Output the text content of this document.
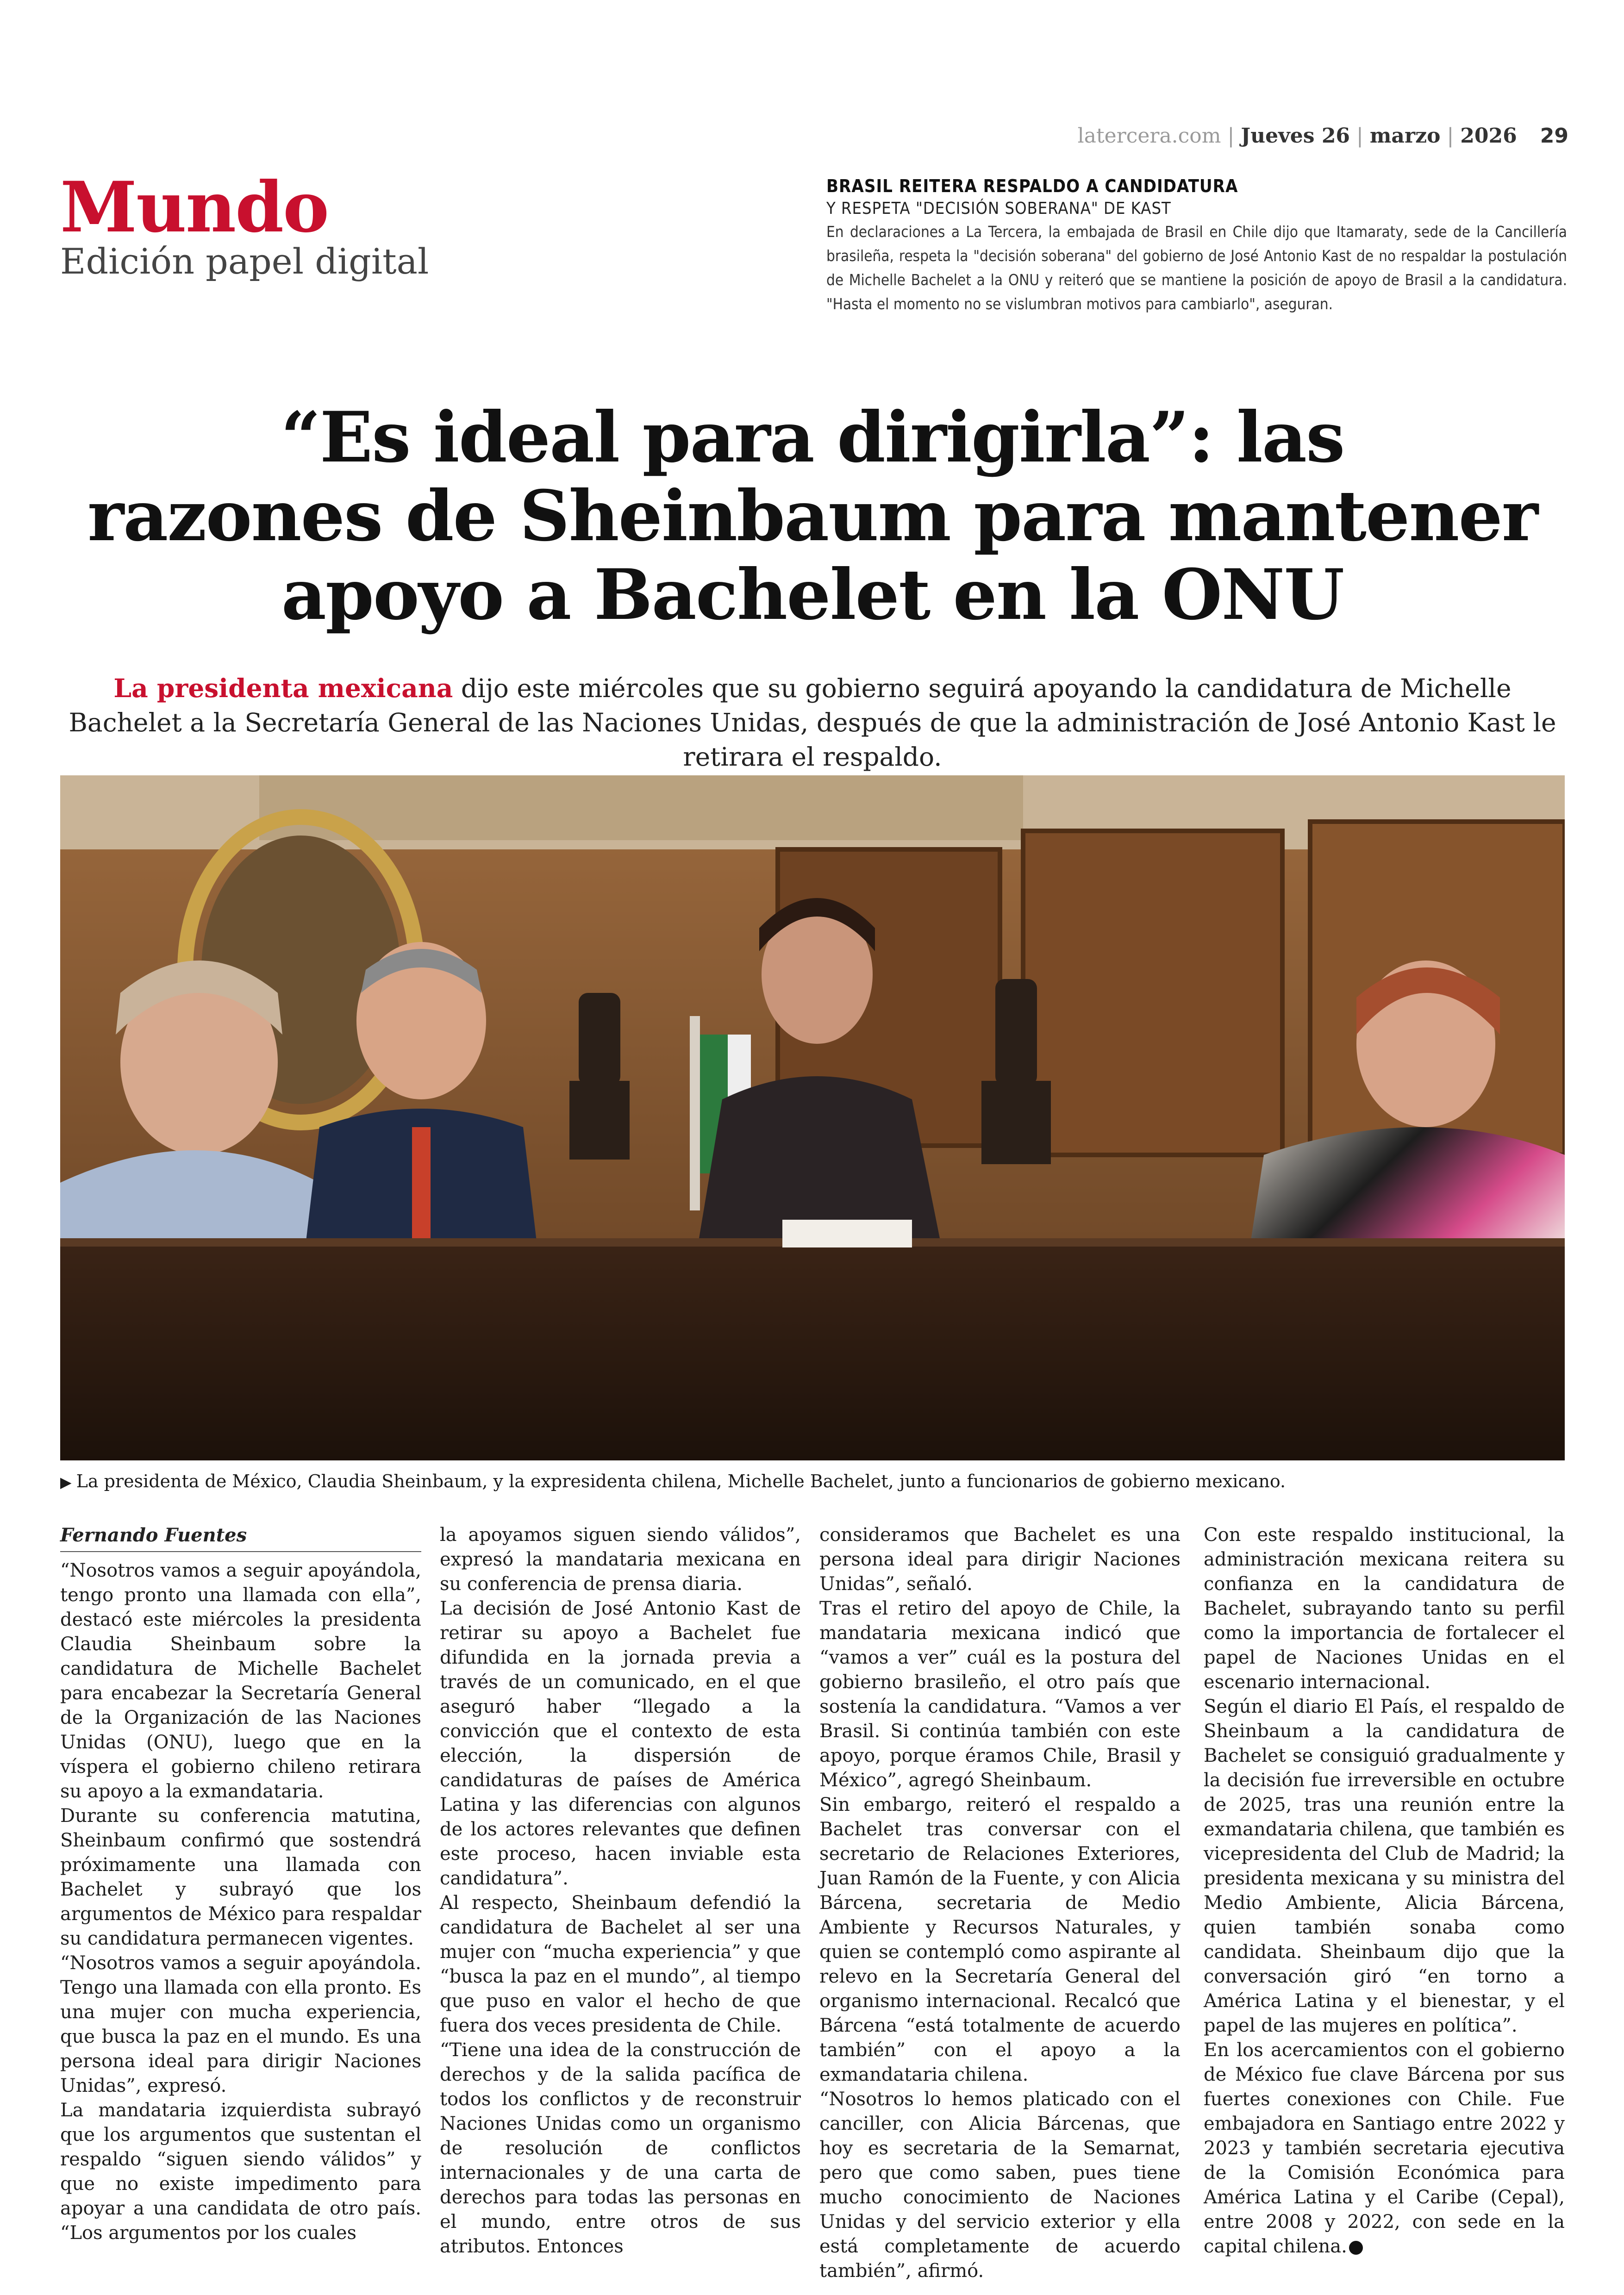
latercera.com | Jueves 26 | marzo | 2026 29
Mundo
Edición papel digital
BRASIL REITERA RESPALDO A CANDIDATURA
Y RESPETA "DECISIÓN SOBERANA" DE KAST
En declaraciones a La Tercera, la embajada de Brasil en Chile dijo que Itamaraty, sede de la Cancillería brasileña, respeta la "decisión soberana" del gobierno de José Antonio Kast de no respaldar la postulación de Michelle Bachelet a la ONU y reiteró que se mantiene la posición de apoyo de Brasil a la candidatura. "Hasta el momento no se vislumbran motivos para cambiarlo", aseguran.
“Es ideal para dirigirla”: las
razones de Sheinbaum para mantener
apoyo a Bachelet en la ONU
La presidenta mexicana dijo este miércoles que su gobierno seguirá apoyando la candidatura de Michelle Bachelet a la Secretaría General de las Naciones Unidas, después de que la administración de José Antonio Kast le retirara el respaldo.
▶ La presidenta de México, Claudia Sheinbaum, y la expresidenta chilena, Michelle Bachelet, junto a funcionarios de gobierno mexicano.
Fernando Fuentes

“Nosotros vamos a seguir apoyándola, tengo pronto una llamada con ella”, destacó este miércoles la presidenta Claudia Sheinbaum sobre la candidatura de Michelle Bachelet para encabezar la Secretaría General de la Organización de las Naciones Unidas (ONU), luego que en la víspera el gobierno chileno retirara su apoyo a la exmandataria.

Durante su conferencia matutina, Sheinbaum confirmó que sostendrá próximamente una llamada con Bachelet y subrayó que los argumentos de México para respaldar su candidatura permanecen vigentes.

“Nosotros vamos a seguir apoyándola. Tengo una llamada con ella pronto. Es una mujer con mucha experiencia, que busca la paz en el mundo. Es una persona ideal para dirigir Naciones Unidas”, expresó.

La mandataria izquierdista subrayó que los argumentos que sustentan el respaldo “siguen siendo válidos” y que no existe impedimento para apoyar a una candidata de otro país. “Los argumentos por los cuales

la apoyamos siguen siendo válidos”, expresó la mandataria mexicana en su conferencia de prensa diaria.

La decisión de José Antonio Kast de retirar su apoyo a Bachelet fue difundida en la jornada previa a través de un comunicado, en el que aseguró haber “llegado a la convicción que el contexto de esta elección, la dispersión de candidaturas de países de América Latina y las diferencias con algunos de los actores relevantes que definen este proceso, hacen inviable esta candidatura”.

Al respecto, Sheinbaum defendió la candidatura de Bachelet al ser una mujer con “mucha experiencia” y que “busca la paz en el mundo”, al tiempo que puso en valor el hecho de que fuera dos veces presidenta de Chile.

“Tiene una idea de la construcción de derechos y de la salida pacífica de todos los conflictos y de reconstruir Naciones Unidas como un organismo de resolución de conflictos internacionales y de una carta de derechos para todas las personas en el mundo, entre otros de sus atributos. Entonces

consideramos que Bachelet es una persona ideal para dirigir Naciones Unidas”, señaló.

Tras el retiro del apoyo de Chile, la mandataria mexicana indicó que “vamos a ver” cuál es la postura del gobierno brasileño, el otro país que sostenía la candidatura. “Vamos a ver Brasil. Si continúa también con este apoyo, porque éramos Chile, Brasil y México”, agregó Sheinbaum.

Sin embargo, reiteró el respaldo a Bachelet tras conversar con el secretario de Relaciones Exteriores, Juan Ramón de la Fuente, y con Alicia Bárcena, secretaria de Medio Ambiente y Recursos Naturales, y quien se contempló como aspirante al relevo en la Secretaría General del organismo internacional. Recalcó que Bárcena “está totalmente de acuerdo también” con el apoyo a la exmandataria chilena.

“Nosotros lo hemos platicado con el canciller, con Alicia Bárcenas, que hoy es secretaria de la Semarnat, pero que como saben, pues tiene mucho conocimiento de Naciones Unidas y del servicio exterior y ella está completamente de acuerdo también”, afirmó.

Con este respaldo institucional, la administración mexicana reitera su confianza en la candidatura de Bachelet, subrayando tanto su perfil como la importancia de fortalecer el papel de Naciones Unidas en el escenario internacional.

Según el diario El País, el respaldo de Sheinbaum a la candidatura de Bachelet se consiguió gradualmente y la decisión fue irreversible en octubre de 2025, tras una reunión entre la exmandataria chilena, que también es vicepresidenta del Club de Madrid; la presidenta mexicana y su ministra del Medio Ambiente, Alicia Bárcena, quien también sonaba como candidata. Sheinbaum dijo que la conversación giró “en torno a América Latina y el bienestar, y el papel de las mujeres en política”.

En los acercamientos con el gobierno de México fue clave Bárcena por sus fuertes conexiones con Chile. Fue embajadora en Santiago entre 2022 y 2023 y también secretaria ejecutiva de la Comisión Económica para América Latina y el Caribe (Cepal), entre 2008 y 2022, con sede en la capital chilena.
